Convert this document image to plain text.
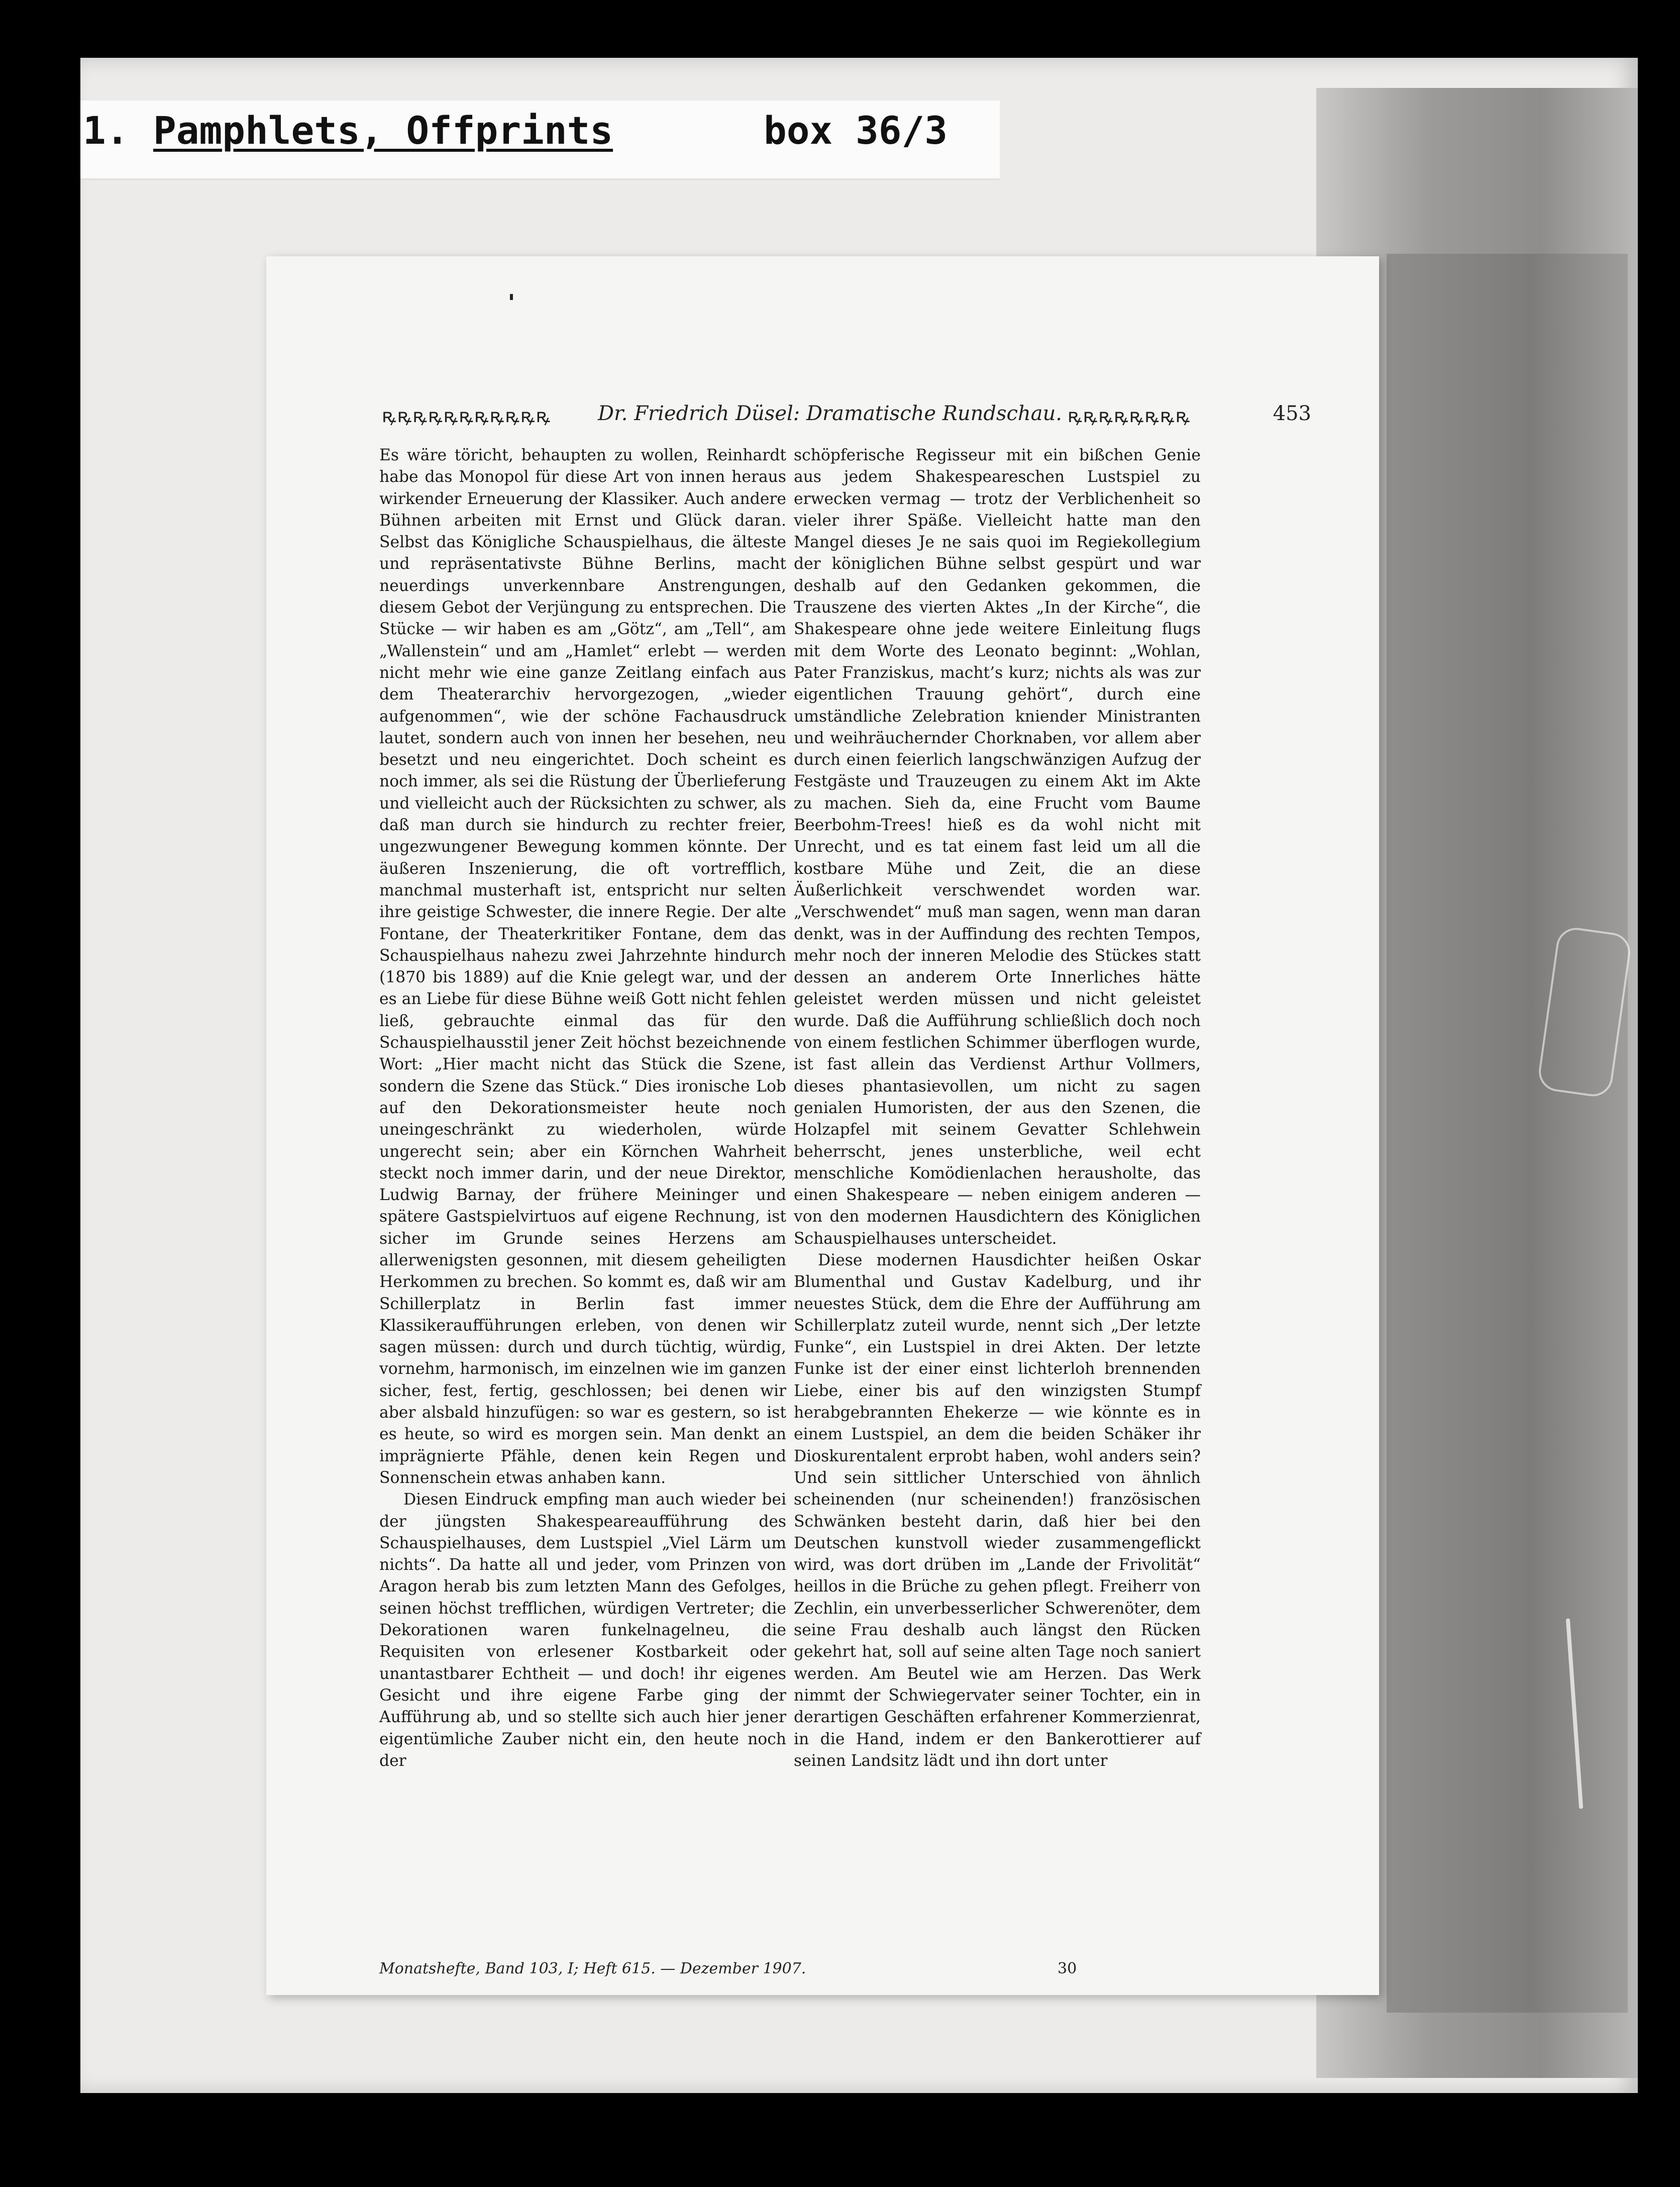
1. Pamphlets, Offprints	box 36/3
ꝶꝶꝶꝶꝶꝶꝶꝶꝶꝶꝶ Dr. Friedrich Düsel: Dramatische Rundschau. ꝶꝶꝶꝶꝶꝶꝶꝶ	453

Es wäre töricht, behaupten zu wollen, Reinhardt habe das Monopol für diese Art von innen heraus wirkender Erneuerung der Klassiker. Auch andere Bühnen arbeiten mit Ernst und Glück daran. Selbst das Königliche Schauspielhaus, die älteste und repräsentativste Bühne Berlins, macht neuerdings unverkennbare Anstrengungen, diesem Gebot der Verjüngung zu entsprechen. Die Stücke — wir haben es am „Götz“, am „Tell“, am „Wallenstein“ und am „Hamlet“ erlebt — werden nicht mehr wie eine ganze Zeitlang einfach aus dem Theaterarchiv hervorgezogen, „wieder aufgenommen“, wie der schöne Fachausdruck lautet, sondern auch von innen her besehen, neu besetzt und neu eingerichtet. Doch scheint es noch immer, als sei die Rüstung der Überlieferung und vielleicht auch der Rücksichten zu schwer, als daß man durch sie hindurch zu rechter freier, ungezwungener Bewegung kommen könnte. Der äußeren Inszenierung, die oft vortrefflich, manchmal musterhaft ist, entspricht nur selten ihre geistige Schwester, die innere Regie. Der alte Fontane, der Theaterkritiker Fontane, dem das Schauspielhaus nahezu zwei Jahrzehnte hindurch (1870 bis 1889) auf die Knie gelegt war, und der es an Liebe für diese Bühne weiß Gott nicht fehlen ließ, gebrauchte einmal das für den Schauspielhausstil jener Zeit höchst bezeichnende Wort: „Hier macht nicht das Stück die Szene, sondern die Szene das Stück.“ Dies ironische Lob auf den Dekorationsmeister heute noch uneingeschränkt zu wiederholen, würde ungerecht sein; aber ein Körnchen Wahrheit steckt noch immer darin, und der neue Direktor, Ludwig Barnay, der frühere Meininger und spätere Gastspielvirtuos auf eigene Rechnung, ist sicher im Grunde seines Herzens am allerwenigsten gesonnen, mit diesem geheiligten Herkommen zu brechen. So kommt es, daß wir am Schillerplatz in Berlin fast immer Klassikeraufführungen erleben, von denen wir sagen müssen: durch und durch tüchtig, würdig, vornehm, harmonisch, im einzelnen wie im ganzen sicher, fest, fertig, geschlossen; bei denen wir aber alsbald hinzufügen: so war es gestern, so ist es heute, so wird es morgen sein. Man denkt an imprägnierte Pfähle, denen kein Regen und Sonnenschein etwas anhaben kann.

Diesen Eindruck empfing man auch wieder bei der jüngsten Shakespeareaufführung des Schauspielhauses, dem Lustspiel „Viel Lärm um nichts“. Da hatte all und jeder, vom Prinzen von Aragon herab bis zum letzten Mann des Gefolges, seinen höchst trefflichen, würdigen Vertreter; die Dekorationen waren funkelnagelneu, die Requisiten von erlesener Kostbarkeit oder unantastbarer Echtheit — und doch! ihr eigenes Gesicht und ihre eigene Farbe ging der Aufführung ab, und so stellte sich auch hier jener eigentümliche Zauber nicht ein, den heute noch der

schöpferische Regisseur mit ein bißchen Genie aus jedem Shakespeareschen Lustspiel zu erwecken vermag — trotz der Verblichenheit so vieler ihrer Späße. Vielleicht hatte man den Mangel dieses Je ne sais quoi im Regiekollegium der königlichen Bühne selbst gespürt und war deshalb auf den Gedanken gekommen, die Trauszene des vierten Aktes „In der Kirche“, die Shakespeare ohne jede weitere Einleitung flugs mit dem Worte des Leonato beginnt: „Wohlan, Pater Franziskus, macht’s kurz; nichts als was zur eigentlichen Trauung gehört“, durch eine umständliche Zelebration kniender Ministranten und weihräuchernder Chorknaben, vor allem aber durch einen feierlich langschwänzigen Aufzug der Festgäste und Trauzeugen zu einem Akt im Akte zu machen. Sieh da, eine Frucht vom Baume Beerbohm-Trees! hieß es da wohl nicht mit Unrecht, und es tat einem fast leid um all die kostbare Mühe und Zeit, die an diese Äußerlichkeit verschwendet worden war. „Verschwendet“ muß man sagen, wenn man daran denkt, was in der Auffindung des rechten Tempos, mehr noch der inneren Melodie des Stückes statt dessen an anderem Orte Innerliches hätte geleistet werden müssen und nicht geleistet wurde. Daß die Aufführung schließlich doch noch von einem festlichen Schimmer überflogen wurde, ist fast allein das Verdienst Arthur Vollmers, dieses phantasievollen, um nicht zu sagen genialen Humoristen, der aus den Szenen, die Holzapfel mit seinem Gevatter Schlehwein beherrscht, jenes unsterbliche, weil echt menschliche Komödienlachen herausholte, das einen Shakespeare — neben einigem anderen — von den modernen Hausdichtern des Königlichen Schauspielhauses unterscheidet.

Diese modernen Hausdichter heißen Oskar Blumenthal und Gustav Kadelburg, und ihr neuestes Stück, dem die Ehre der Aufführung am Schillerplatz zuteil wurde, nennt sich „Der letzte Funke“, ein Lustspiel in drei Akten. Der letzte Funke ist der einer einst lichterloh brennenden Liebe, einer bis auf den winzigsten Stumpf herabgebrannten Ehekerze — wie könnte es in einem Lustspiel, an dem die beiden Schäker ihr Dioskurentalent erprobt haben, wohl anders sein? Und sein sittlicher Unterschied von ähnlich scheinenden (nur scheinenden!) französischen Schwänken besteht darin, daß hier bei den Deutschen kunstvoll wieder zusammengeflickt wird, was dort drüben im „Lande der Frivolität“ heillos in die Brüche zu gehen pflegt. Freiherr von Zechlin, ein unverbesserlicher Schwerenöter, dem seine Frau deshalb auch längst den Rücken gekehrt hat, soll auf seine alten Tage noch saniert werden. Am Beutel wie am Herzen. Das Werk nimmt der Schwiegervater seiner Tochter, ein in derartigen Geschäften erfahrener Kommerzienrat, in die Hand, indem er den Bankerottierer auf seinen Landsitz lädt und ihn dort unter

Monatshefte, Band 103, I; Heft 615. — Dezember 1907.	30
